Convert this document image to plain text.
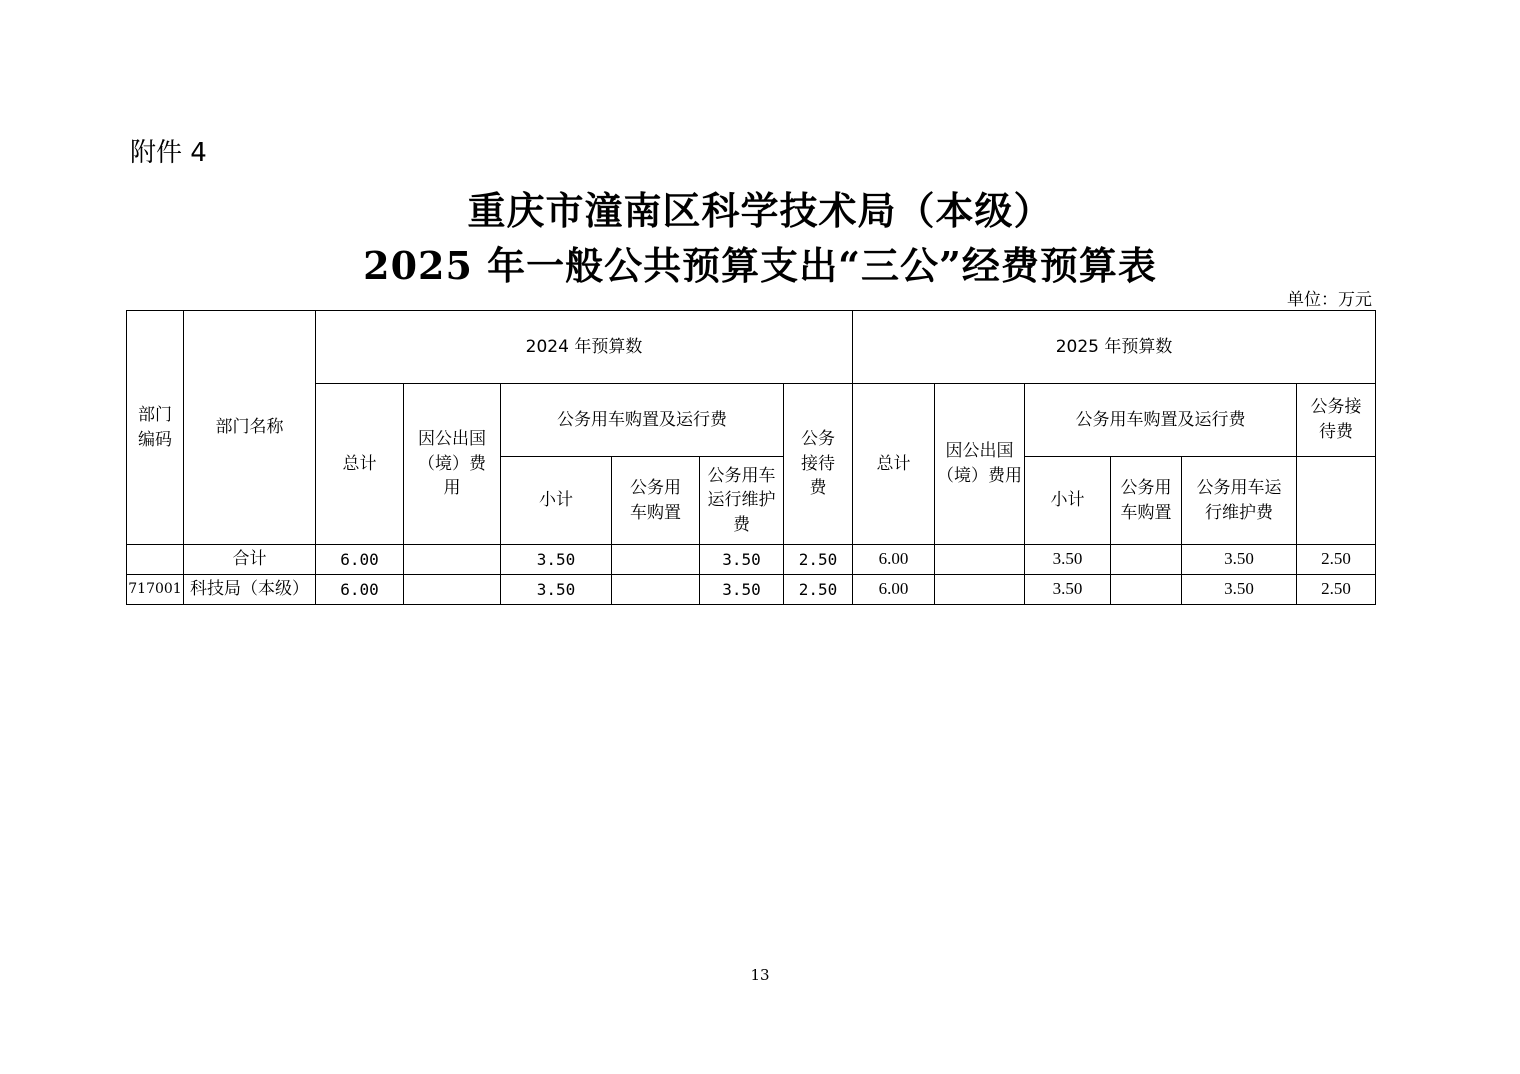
附件 4
重庆市潼南区科学技术局（本级）
2025 年一般公共预算支出“三公”经费预算表
单位：万元
部门编码	部门名称	2024 年预算数						2025 年预算数					
		总计	因公出国（境）费用	公务用车购置及运行费			公务接待费	总计	因公出国（境）费用	公务用车购置及运行费			公务接待费
				小计	公务用车购置	公务用车运行维护费				小计	公务用车购置	公务用车运行维护费	
	合计	6.00		3.50		3.50	2.50	6.00		3.50		3.50	2.50
717001	科技局（本级）	6.00		3.50		3.50	2.50	6.00		3.50		3.50	2.50
13
